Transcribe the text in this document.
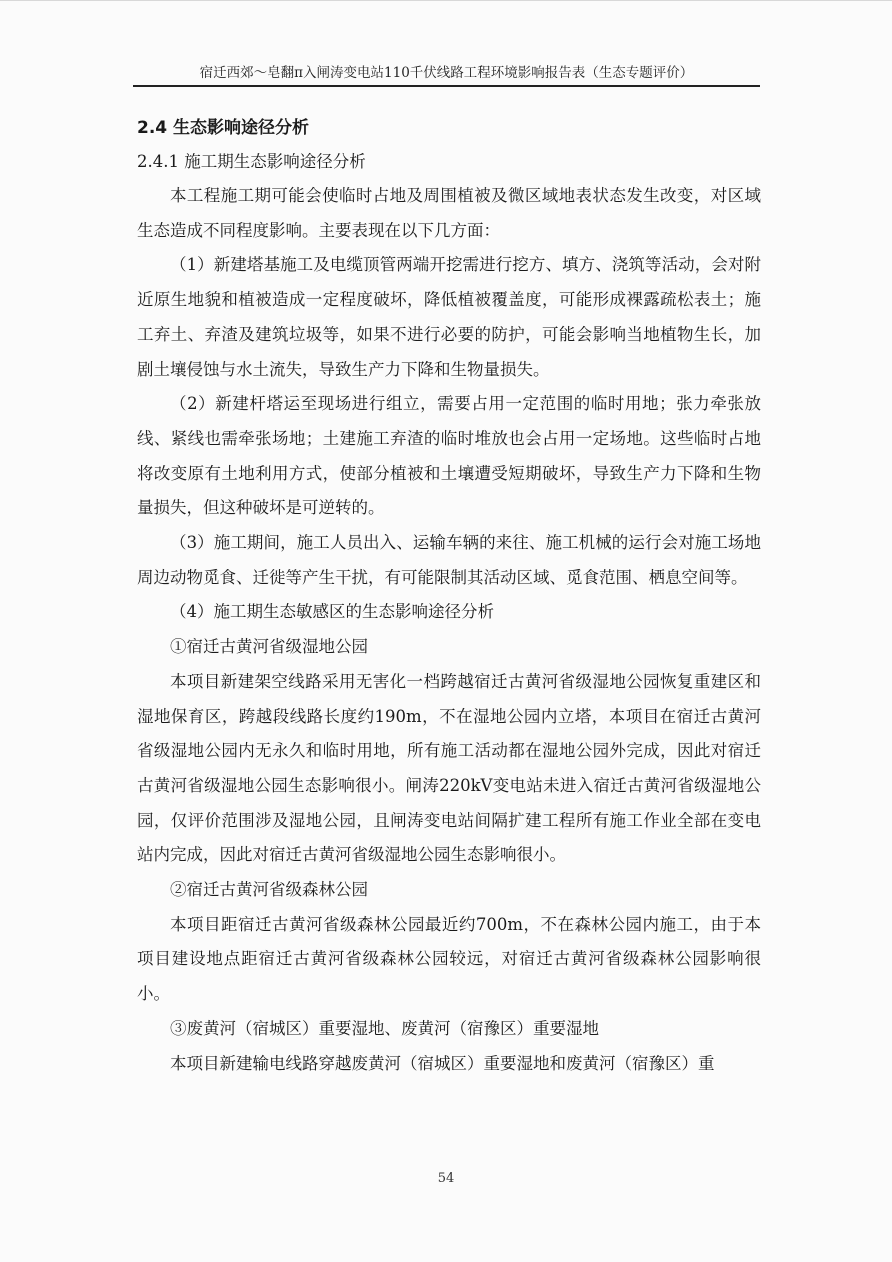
宿迁西郊～皂翻π入闸涛变电站110千伏线路工程环境影响报告表（生态专题评价）
2.4 生态影响途径分析
2.4.1 施工期生态影响途径分析

本工程施工期可能会使临时占地及周围植被及微区域地表状态发生改变，对区域生态造成不同程度影响。主要表现在以下几方面：

（1）新建塔基施工及电缆顶管两端开挖需进行挖方、填方、浇筑等活动，会对附近原生地貌和植被造成一定程度破坏，降低植被覆盖度，可能形成裸露疏松表土；施工弃土、弃渣及建筑垃圾等，如果不进行必要的防护，可能会影响当地植物生长，加剧土壤侵蚀与水土流失，导致生产力下降和生物量损失。

（2）新建杆塔运至现场进行组立，需要占用一定范围的临时用地；张力牵张放线、紧线也需牵张场地；土建施工弃渣的临时堆放也会占用一定场地。这些临时占地将改变原有土地利用方式，使部分植被和土壤遭受短期破坏，导致生产力下降和生物量损失，但这种破坏是可逆转的。

（3）施工期间，施工人员出入、运输车辆的来往、施工机械的运行会对施工场地周边动物觅食、迁徙等产生干扰，有可能限制其活动区域、觅食范围、栖息空间等。

（4）施工期生态敏感区的生态影响途径分析

①宿迁古黄河省级湿地公园

本项目新建架空线路采用无害化一档跨越宿迁古黄河省级湿地公园恢复重建区和湿地保育区，跨越段线路长度约190m，不在湿地公园内立塔，本项目在宿迁古黄河省级湿地公园内无永久和临时用地，所有施工活动都在湿地公园外完成，因此对宿迁古黄河省级湿地公园生态影响很小。闸涛220kV变电站未进入宿迁古黄河省级湿地公园，仅评价范围涉及湿地公园，且闸涛变电站间隔扩建工程所有施工作业全部在变电站内完成，因此对宿迁古黄河省级湿地公园生态影响很小。

②宿迁古黄河省级森林公园

本项目距宿迁古黄河省级森林公园最近约700m，不在森林公园内施工，由于本项目建设地点距宿迁古黄河省级森林公园较远，对宿迁古黄河省级森林公园影响很小。

③废黄河（宿城区）重要湿地、废黄河（宿豫区）重要湿地

本项目新建输电线路穿越废黄河（宿城区）重要湿地和废黄河（宿豫区）重

54
